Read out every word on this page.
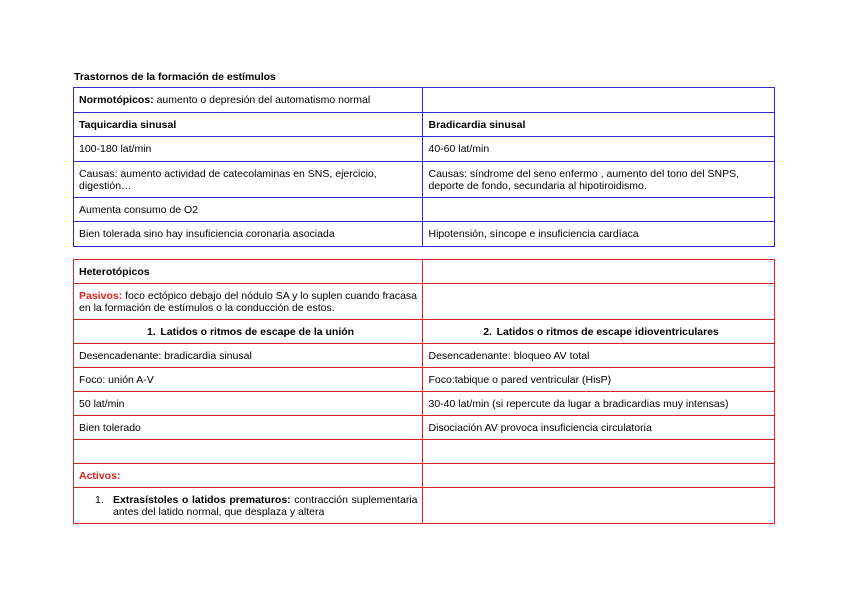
Trastornos de la formación de estímulos
Normotópicos: aumento o depresión del automatismo normal	
Taquicardia sinusal	Bradicardia sinusal
100-180 lat/min	40-60 lat/min
Causas: aumento actividad de catecolaminas en SNS, ejercicio, digestión…	Causas: síndrome del seno enfermo , aumento del tono del SNPS, deporte de fondo, secundaria al hipotiroidismo.
Aumenta consumo de O2	
Bien tolerada sino hay insuficiencia coronaria asociada	Hipotensión, síncope e insuficiencia cardíaca
Heterotópicos	
Pasivos: foco ectópico debajo del nódulo SA y lo suplen cuando fracasa en la formación de estímulos o la conducción de estos.	
1. Latidos o ritmos de escape de la unión	2. Latidos o ritmos de escape idioventriculares
Desencadenante: bradicardia sinusal	Desencadenante: bloqueo AV total
Foco: unión A-V	Foco:tabique o pared ventricular (HisP)
50 lat/min	30-40 lat/min (si repercute da lugar a bradicardias muy intensas)
Bien tolerado	Disociación AV provoca insuficiencia circulatoria

Activos:	

1. Extrasístoles o latidos prematuros: contracción suplementaria antes del latido normal, que desplaza y altera	
